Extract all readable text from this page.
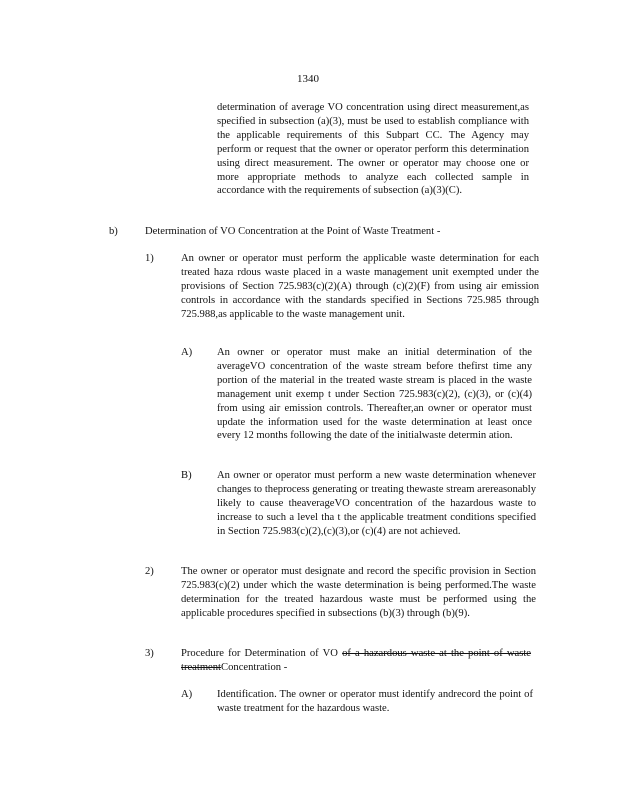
1340
determination of average VO concentration using direct measurement,as specified in subsection (a)(3), must be used to establish compliance with the applicable requirements of this Subpart CC. The Agency may perform or request that the owner or operator perform this determination using direct measurement. The owner or operator may choose one or more appropriate methods to analyze each collected sample in accordance with the requirements of subsection (a)(3)(C).
b)	Determination of VO Concentration at the Point of Waste Treatment -
1)	An owner or operator must perform the applicable waste determination for each treated haza rdous waste placed in a waste management unit exempted under the provisions of Section 725.983(c)(2)(A) through (c)(2)(F) from using air emission controls in accordance with the standards specified in Sections 725.985 through 725.988,as applicable to the waste management unit.
A) An owner or operator must make an initial determination of the averageVO concentration of the waste stream before thefirst time any portion of the material in the treated waste stream is placed in the waste management unit exemp t under Section 725.983(c)(2), (c)(3), or (c)(4) from using air emission controls. Thereafter,an owner or operator must update the information used for the waste determination at least once every 12 months following the date of the initialwaste determin ation.
B) An owner or operator must perform a new waste determination whenever changes to theprocess generating or treating thewaste stream arereasonably likely to cause theaverageVO concentration of the hazardous waste to increase to such a level tha t the applicable treatment conditions specified in Section 725.983(c)(2),(c)(3),or (c)(4) are not achieved.
2)	The owner or operator must designate and record the specific provision in Section 725.983(c)(2) under which the waste determination is being performed.The waste determination for the treated hazardous waste must be performed using the applicable procedures specified in subsections (b)(3) through (b)(9).
3)	Procedure for Determination of VO of a hazardous waste at the point of waste treatmentConcentration -
A) Identification. The owner or operator must identify andrecord the point of waste treatment for the hazardous waste.
